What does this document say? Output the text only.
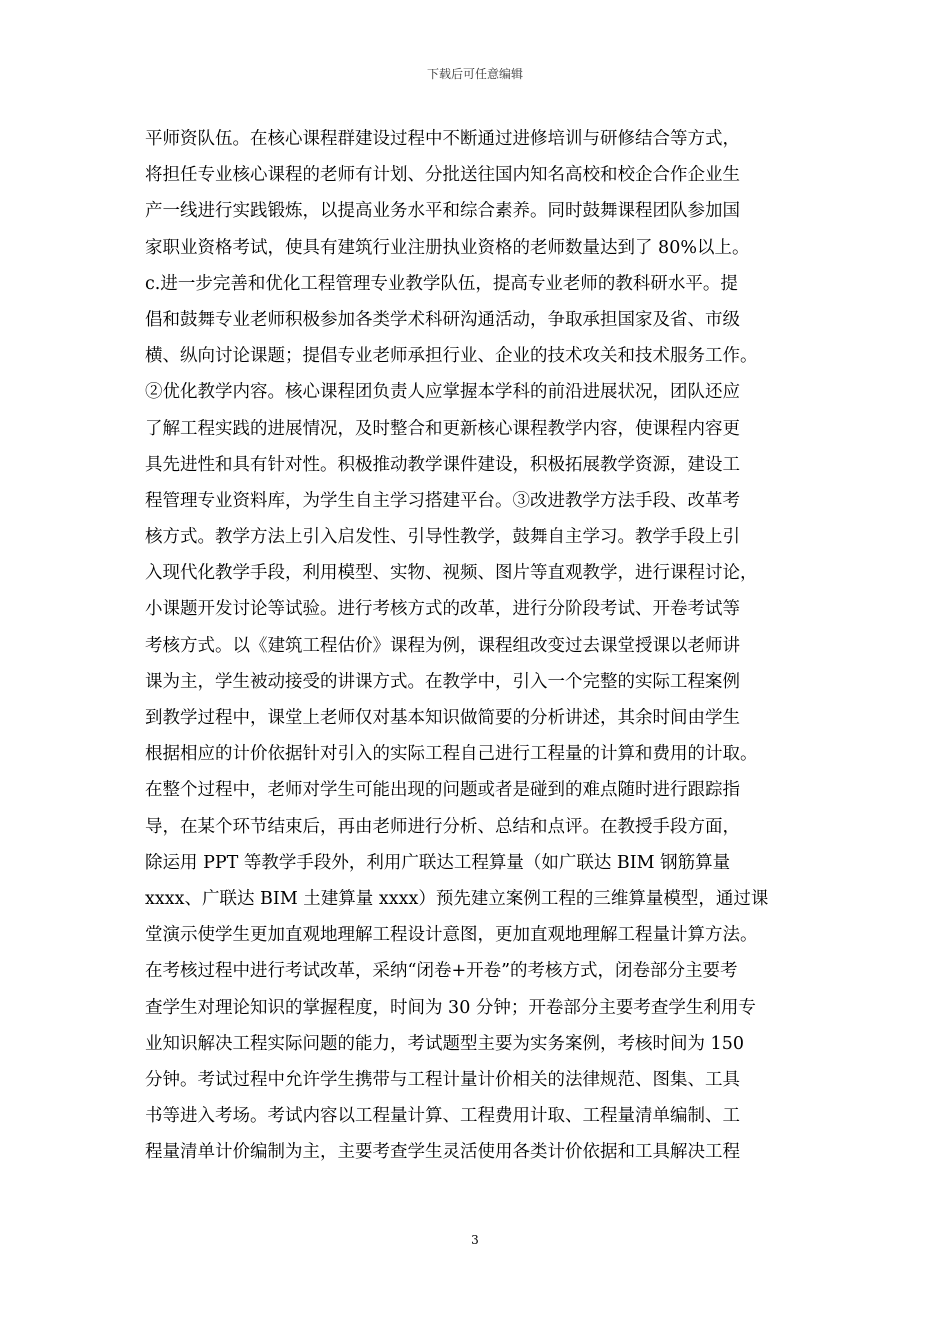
下载后可任意编辑
平师资队伍。在核心课程群建设过程中不断通过进修培训与研修结合等方式，
将担任专业核心课程的老师有计划、分批送往国内知名高校和校企合作企业生
产一线进行实践锻炼，以提高业务水平和综合素养。同时鼓舞课程团队参加国
家职业资格考试，使具有建筑行业注册执业资格的老师数量达到了 80%以上。
c.进一步完善和优化工程管理专业教学队伍，提高专业老师的教科研水平。提
倡和鼓舞专业老师积极参加各类学术科研沟通活动，争取承担国家及省、市级
横、纵向讨论课题；提倡专业老师承担行业、企业的技术攻关和技术服务工作。
②优化教学内容。核心课程团负责人应掌握本学科的前沿进展状况，团队还应
了解工程实践的进展情况，及时整合和更新核心课程教学内容，使课程内容更
具先进性和具有针对性。积极推动教学课件建设，积极拓展教学资源，建设工
程管理专业资料库，为学生自主学习搭建平台。③改进教学方法手段、改革考
核方式。教学方法上引入启发性、引导性教学，鼓舞自主学习。教学手段上引
入现代化教学手段，利用模型、实物、视频、图片等直观教学，进行课程讨论，
小课题开发讨论等试验。进行考核方式的改革，进行分阶段考试、开卷考试等
考核方式。以《建筑工程估价》课程为例，课程组改变过去课堂授课以老师讲
课为主，学生被动接受的讲课方式。在教学中，引入一个完整的实际工程案例
到教学过程中，课堂上老师仅对基本知识做简要的分析讲述，其余时间由学生
根据相应的计价依据针对引入的实际工程自己进行工程量的计算和费用的计取。
在整个过程中，老师对学生可能出现的问题或者是碰到的难点随时进行跟踪指
导，在某个环节结束后，再由老师进行分析、总结和点评。在教授手段方面，
除运用 PPT 等教学手段外，利用广联达工程算量（如广联达 BIM 钢筋算量
xxxx、广联达 BIM 土建算量 xxxx）预先建立案例工程的三维算量模型，通过课
堂演示使学生更加直观地理解工程设计意图，更加直观地理解工程量计算方法。
在考核过程中进行考试改革，采纳“闭卷+开卷”的考核方式，闭卷部分主要考
查学生对理论知识的掌握程度，时间为 30 分钟；开卷部分主要考查学生利用专
业知识解决工程实际问题的能力，考试题型主要为实务案例，考核时间为 150
分钟。考试过程中允许学生携带与工程计量计价相关的法律规范、图集、工具
书等进入考场。考试内容以工程量计算、工程费用计取、工程量清单编制、工
程量清单计价编制为主，主要考查学生灵活使用各类计价依据和工具解决工程
3
